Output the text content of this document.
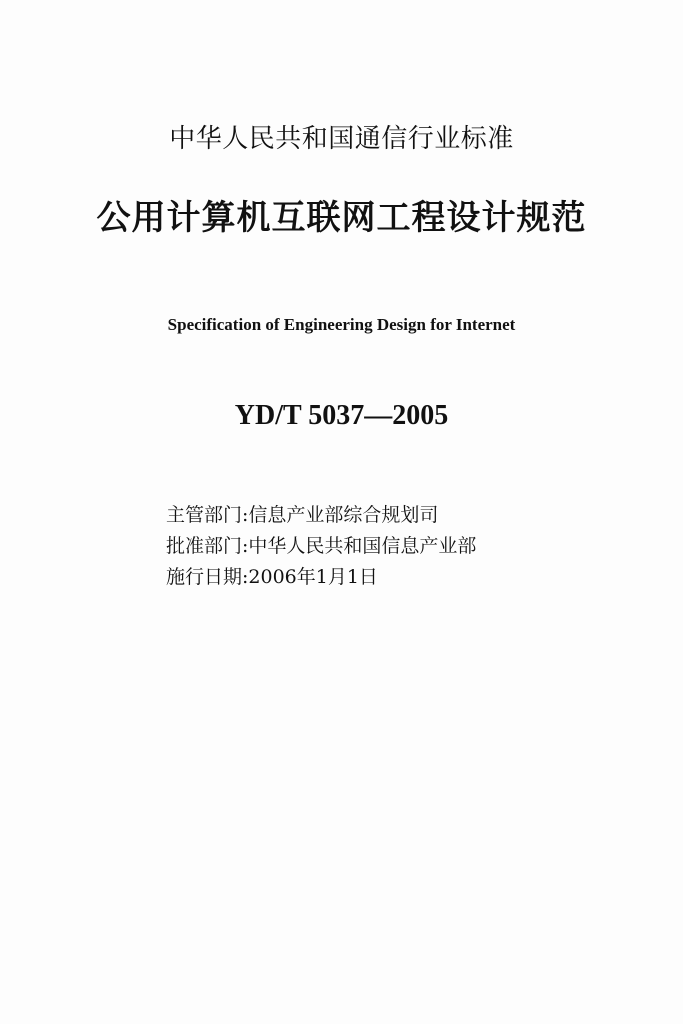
中华人民共和国通信行业标准
公用计算机互联网工程设计规范
Specification of Engineering Design for Internet
YD/T 5037—2005
主管部门:信息产业部综合规划司
批准部门:中华人民共和国信息产业部
施行日期:2006年1月1日
